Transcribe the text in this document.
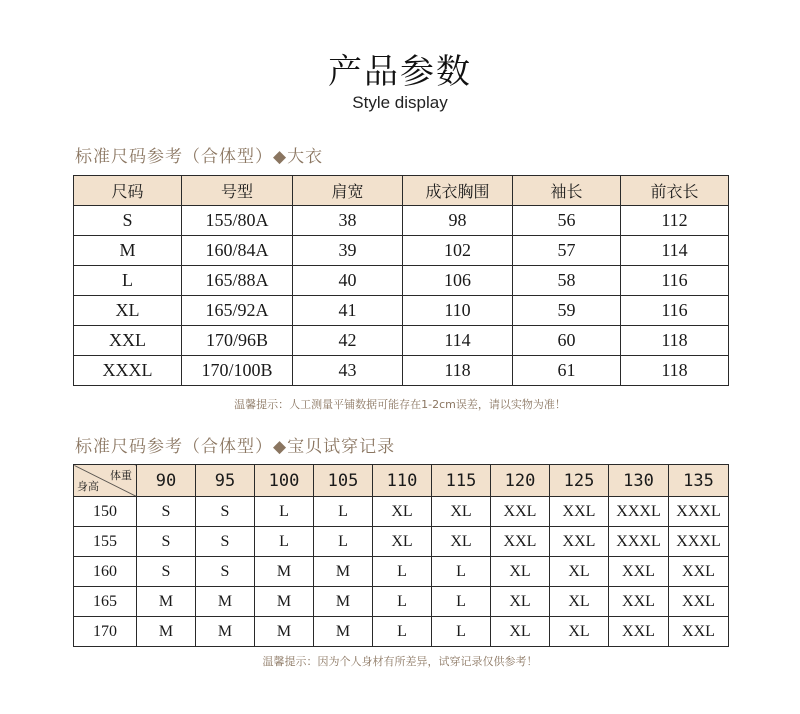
产品参数
Style display
标准尺码参考（合体型）◆大衣
尺码	号型	肩宽	成衣胸围	袖长	前衣长
S	155/80A	38	98	56	112
M	160/84A	39	102	57	114
L	165/88A	40	106	58	116
XL	165/92A	41	110	59	116
XXL	170/96B	42	114	60	118
XXXL	170/100B	43	118	61	118
温馨提示：人工测量平铺数据可能存在1-2cm误差，请以实物为准！
标准尺码参考（合体型）◆宝贝试穿记录
体重
身高	90	95	100	105	110	115	120	125	130	135
150	S	S	L	L	XL	XL	XXL	XXL	XXXL	XXXL
155	S	S	L	L	XL	XL	XXL	XXL	XXXL	XXXL
160	S	S	M	M	L	L	XL	XL	XXL	XXL
165	M	M	M	M	L	L	XL	XL	XXL	XXL
170	M	M	M	M	L	L	XL	XL	XXL	XXL
温馨提示：因为个人身材有所差异，试穿记录仅供参考！
